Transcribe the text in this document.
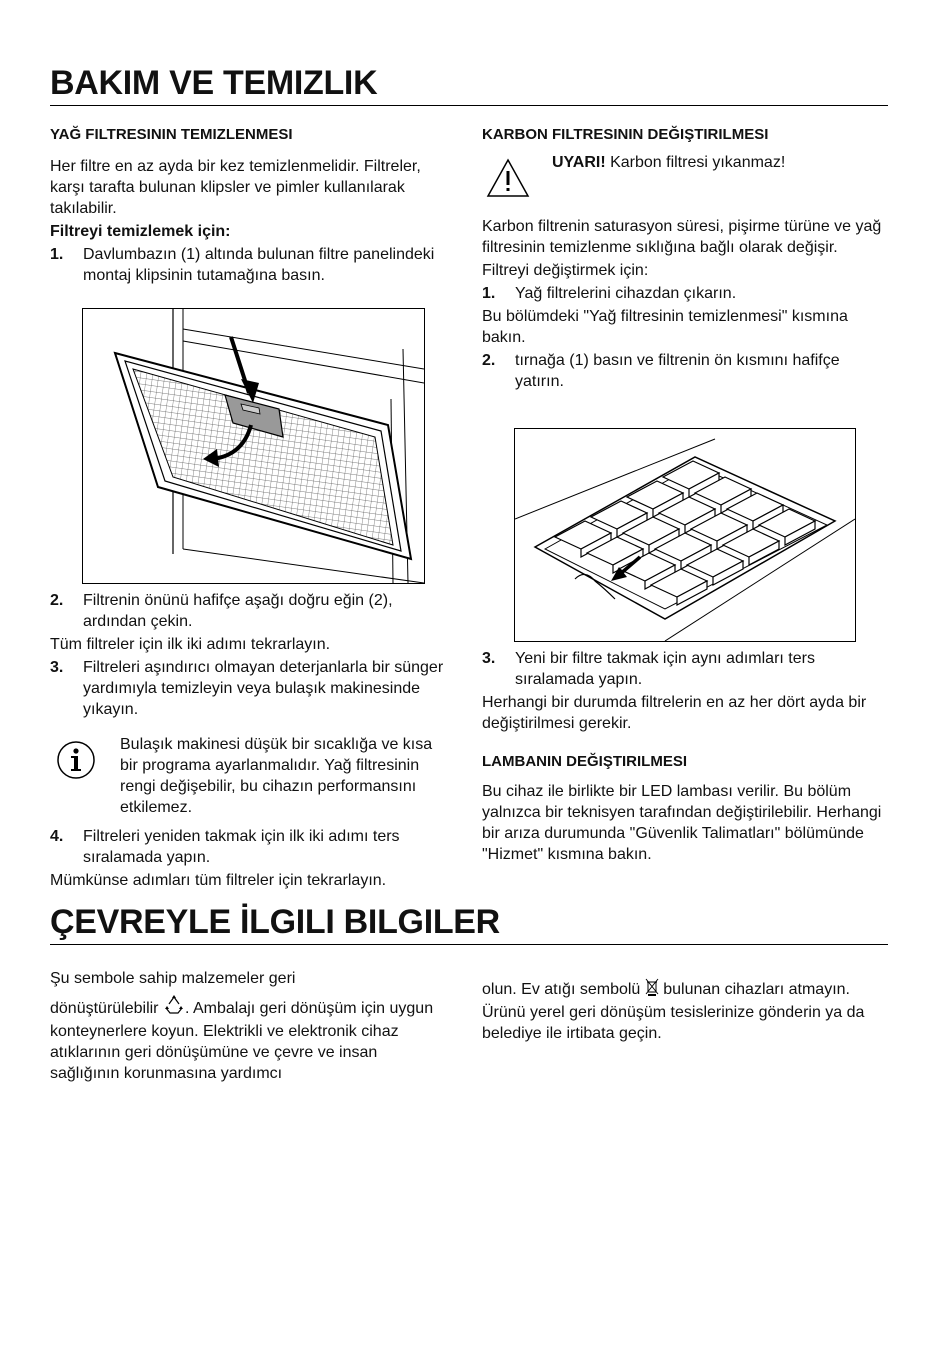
BAKIM VE TEMIZLIK
YAĞ FILTRESININ TEMIZLENMESI
Her filtre en az ayda bir kez temizlenmelidir. Filtreler, karşı tarafta bulunan klipsler ve pimler kullanılarak takılabilir.
Filtreyi temizlemek için:
1. Davlumbazın (1) altında bulunan filtre panelindeki montaj klipsinin tutamağına basın.
2. Filtrenin önünü hafifçe aşağı doğru eğin (2), ardından çekin.
Tüm filtreler için ilk iki adımı tekrarlayın.
3. Filtreleri aşındırıcı olmayan deterjanlarla bir sünger yardımıyla temizleyin veya bulaşık makinesinde yıkayın.
Bulaşık makinesi düşük bir sıcaklığa ve kısa bir programa ayarlanmalıdır. Yağ filtresinin rengi değişebilir, bu cihazın performansını etkilemez.
4. Filtreleri yeniden takmak için ilk iki adımı ters sıralamada yapın.
Mümkünse adımları tüm filtreler için tekrarlayın.
KARBON FILTRESININ DEĞIŞTIRILMESI
UYARI! Karbon filtresi yıkanmaz!
Karbon filtrenin saturasyon süresi, pişirme türüne ve yağ filtresinin temizlenme sıklığına bağlı olarak değişir.
Filtreyi değiştirmek için:
1. Yağ filtrelerini cihazdan çıkarın.
Bu bölümdeki "Yağ filtresinin temizlenmesi" kısmına bakın.
2. tırnağa (1) basın ve filtrenin ön kısmını hafifçe yatırın.
3. Yeni bir filtre takmak için aynı adımları ters sıralamada yapın.
Herhangi bir durumda filtrelerin en az her dört ayda bir değiştirilmesi gerekir.
LAMBANIN DEĞIŞTIRILMESI
Bu cihaz ile birlikte bir LED lambası verilir. Bu bölüm yalnızca bir teknisyen tarafından değiştirilebilir. Herhangi bir arıza durumunda "Güvenlik Talimatları" bölümünde "Hizmet" kısmına bakın.
ÇEVREYLE İLGILI BILGILER
Şu sembole sahip malzemeler geri
dönüştürülebilir . Ambalajı geri dönüşüm için uygun konteynerlere koyun. Elektrikli ve elektronik cihaz atıklarının geri dönüşümüne ve çevre ve insan sağlığının korunmasına yardımcı
olun. Ev atığı sembolü  bulunan cihazları atmayın. Ürünü yerel geri dönüşüm tesislerinize gönderin ya da belediye ile irtibata geçin.
